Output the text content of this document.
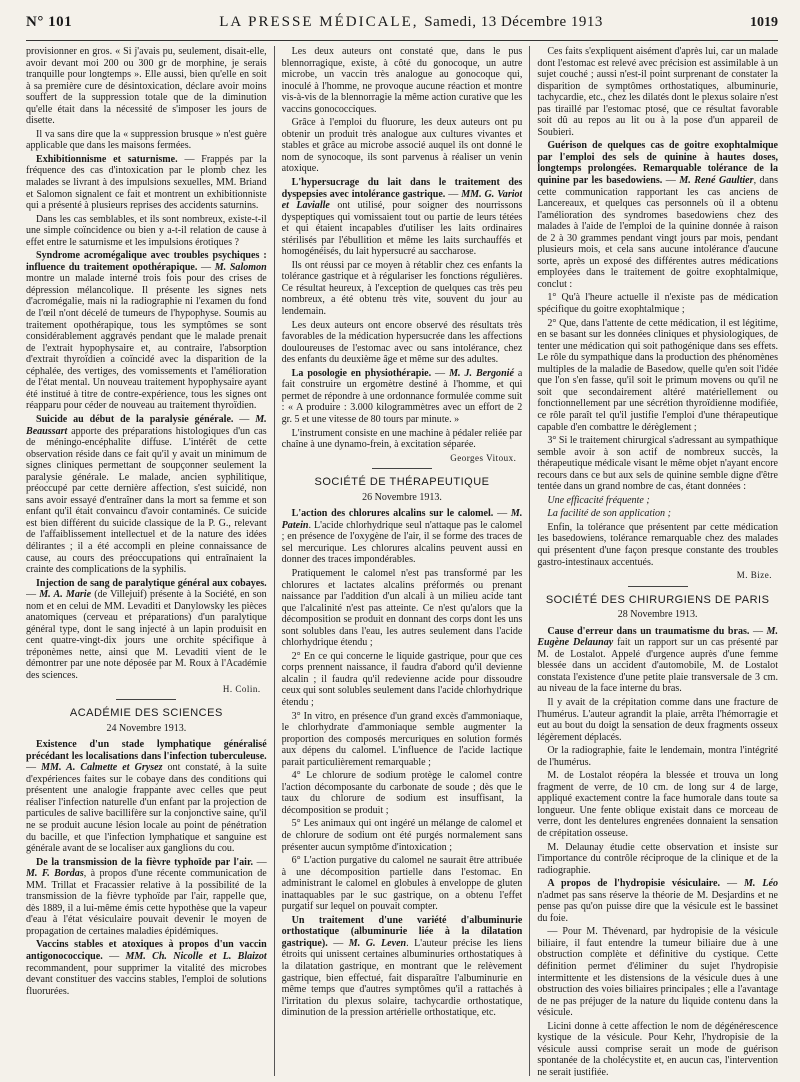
N° 101	LA PRESSE MÉDICALE, Samedi, 13 Décembre 1913	1019

provisionner en gros. « Si j'avais pu, seulement, disait-elle, avoir devant moi 200 ou 300 gr de morphine, je serais tranquille pour longtemps ». Elle aussi, bien qu'elle en soit à sa première cure de désintoxication, déclare avoir moins souffert de la suppression totale que de la diminution qu'elle était dans la nécessité de s'imposer les jours de disette.

Il va sans dire que la « suppression brusque » n'est guère applicable que dans les maisons fermées.

Exhibitionnisme et saturnisme. — Frappés par la fréquence des cas d'intoxication par le plomb chez les malades se livrant à des impulsions sexuelles, MM. Briand et Salomon signalent ce fait et montrent un exhibitionniste qui a présenté à plusieurs reprises des accidents saturnins.

Dans les cas semblables, et ils sont nombreux, existe-t-il une simple coïncidence ou bien y a-t-il relation de cause à effet entre le saturnisme et les impulsions érotiques ?

Syndrome acromégalique avec troubles psychiques : influence du traitement opothérapique. — M. Salomon montre un malade interné trois fois pour des crises de dépression mélancolique. Il présente les signes nets d'acromégalie, mais ni la radiographie ni l'examen du fond de l'œil n'ont décelé de tumeurs de l'hypophyse. Soumis au traitement opothérapique, tous les symptômes se sont considérablement aggravés pendant que le malade prenait de l'extrait hypophysaire et, au contraire, l'absorption d'extrait thyroïdien a coïncidé avec la disparition de la céphalée, des vertiges, des vomissements et l'amélioration de l'état mental. Un nouveau traitement hypophysaire ayant été institué à titre de contre-expérience, tous les signes ont réapparu pour céder de nouveau au traitement thyroïdien.

Suicide au début de la paralysie générale. — M. Beaussart apporte des préparations histologiques d'un cas de méningo-encéphalite diffuse. L'intérêt de cette observation réside dans ce fait qu'il y avait un minimum de signes cliniques permettant de soupçonner seulement la paralysie générale. Le malade, ancien syphilitique, préoccupé par cette dernière affection, s'est suicidé, non sans avoir essayé d'entraîner dans la mort sa femme et son enfant qu'il était convaincu d'avoir contaminés. Ce suicide est bien différent du suicide classique de la P. G., relevant de l'affaiblissement intellectuel et de la nature des idées délirantes ; il a été accompli en pleine connaissance de cause, au cours des préoccupations qui entraînaient la crainte des complications de la syphilis.

Injection de sang de paralytique général aux cobayes. — M. A. Marie (de Villejuif) présente à la Société, en son nom et en celui de MM. Levaditi et Danylowsky les pièces anatomiques (cerveau et préparations) d'un paralytique général type, dont le sang injecté à un lapin produisit en cent quatre-vingt-dix jours une orchite spécifique à tréponèmes nette, ainsi que M. Levaditi vient de le démontrer par une note déposée par M. Roux à l'Académie des sciences.

H. Colin.
ACADÉMIE DES SCIENCES
24 Novembre 1913.

Existence d'un stade lymphatique généralisé précédant les localisations dans l'infection tuberculeuse. — MM. A. Calmette et Grysez ont constaté, à la suite d'expériences faites sur le cobaye dans des conditions qui présentent une analogie frappante avec celles que peut réaliser l'infection naturelle d'un enfant par la projection de particules de salive bacillifère sur la conjonctive saine, qu'il ne se produit aucune lésion locale au point de pénétration du bacille, et que l'infection lymphatique et sanguine est générale avant de se localiser aux ganglions du cou.

De la transmission de la fièvre typhoïde par l'air. — M. F. Bordas, à propos d'une récente communication de MM. Trillat et Fracassier relative à la possibilité de la transmission de la fièvre typhoïde par l'air, rappelle que, dès 1889, il a lui-même émis cette hypothèse que la vapeur d'eau à l'état vésiculaire pouvait devenir le moyen de propagation de certaines maladies épidémiques.

Vaccins stables et atoxiques à propos d'un vaccin antigonococcique. — MM. Ch. Nicolle et L. Blaizot recommandent, pour supprimer la vitalité des microbes devant constituer des vaccins stables, l'emploi de solutions fluorurées.

Les deux auteurs ont constaté que, dans le pus blennorragique, existe, à côté du gonocoque, un autre microbe, un vaccin très analogue au gonocoque qui, inoculé à l'homme, ne provoque aucune réaction et montre vis-à-vis de la blennorragie la même action curative que les vaccins gonococciques.

Grâce à l'emploi du fluorure, les deux auteurs ont pu obtenir un produit très analogue aux cultures vivantes et stables et grâce au microbe associé auquel ils ont donné le nom de synocoque, ils sont parvenus à réaliser un venin atoxique.

L'hypersucrage du lait dans le traitement des dyspepsies avec intolérance gastrique. — MM. G. Variot et Lavialle ont utilisé, pour soigner des nourrissons dyspeptiques qui vomissaient tout ou partie de leurs tétées et qui étaient incapables d'utiliser les laits ordinaires stérilisés par l'ébullition et même les laits surchauffés et homogénéisés, du lait hypersucré au saccharose.

Ils ont réussi par ce moyen à rétablir chez ces enfants la tolérance gastrique et à régulariser les fonctions régulières. Ce résultat heureux, à l'exception de quelques cas très peu nombreux, a été obtenu très vite, souvent du jour au lendemain.

Les deux auteurs ont encore observé des résultats très favorables de la médication hypersucrée dans les affections douloureuses de l'estomac avec ou sans intolérance, chez des enfants du deuxième âge et même sur des adultes.

La posologie en physiothérapie. — M. J. Bergonié a fait construire un ergomètre destiné à l'homme, et qui permet de répondre à une ordonnance formulée comme suit : « A produire : 3.000 kilogrammètres avec un effort de 2 gr. 5 et une vitesse de 80 tours par minute. »

L'instrument consiste en une machine à pédaler reliée par chaîne à une dynamo-frein, à excitation séparée.

Georges Vitoux.
SOCIÉTÉ DE THÉRAPEUTIQUE
26 Novembre 1913.

L'action des chlorures alcalins sur le calomel. — M. Patein. L'acide chlorhydrique seul n'attaque pas le calomel ; en présence de l'oxygène de l'air, il se forme des traces de sel mercurique. Les chlorures alcalins peuvent aussi en donner des traces impondérables.

Pratiquement le calomel n'est pas transformé par les chlorures et lactates alcalins préformés ou prenant naissance par l'addition d'un alcali à un milieu acide tant que l'alcalinité n'est pas atteinte. Ce n'est qu'alors que la décomposition se produit en donnant des corps dont les uns sont solubles dans l'eau, les autres seulement dans l'acide chlorhydrique étendu ;

2° En ce qui concerne le liquide gastrique, pour que ces corps prennent naissance, il faudra d'abord qu'il devienne alcalin ; il faudra qu'il redevienne acide pour dissoudre ceux qui sont solubles seulement dans l'acide chlorhydrique étendu ;

3° In vitro, en présence d'un grand excès d'ammoniaque, le chlorhydrate d'ammoniaque semble augmenter la proportion des composés mercuriques en solution formés aux dépens du calomel. L'influence de l'acide lactique parait particulièrement remarquable ;

4° Le chlorure de sodium protège le calomel contre l'action décomposante du carbonate de soude ; dès que le taux du chlorure de sodium est insuffisant, la décomposition se produit ;

5° Les animaux qui ont ingéré un mélange de calomel et de chlorure de sodium ont été purgés normalement sans présenter aucun symptôme d'intoxication ;

6° L'action purgative du calomel ne saurait être attribuée à une décomposition partielle dans l'estomac. En administrant le calomel en globules à enveloppe de gluten inattaquables par le suc gastrique, on a obtenu l'effet purgatif sur lequel on pouvait compter.

Un traitement d'une variété d'albuminurie orthostatique (albuminurie liée à la dilatation gastrique). — M. G. Leven. L'auteur précise les liens étroits qui unissent certaines albuminuries orthostatiques à la dilatation gastrique, en montrant que le relèvement gastrique, bien effectué, fait disparaître l'albuminurie en même temps que d'autres symptômes qu'il a rattachés à l'irritation du plexus solaire, tachycardie orthostatique, diminution de la pression artérielle orthostatique, etc.

Ces faits s'expliquent aisément d'après lui, car un malade dont l'estomac est relevé avec précision est assimilable à un sujet couché ; aussi n'est-il point surprenant de constater la disparition de symptômes orthostatiques, albuminurie, tachycardie, etc., chez les dilatés dont le plexus solaire n'est pas tiraillé par l'estomac ptosé, que ce résultat favorable soit dû au repos au lit ou à la pose d'un appareil de Soubieri.

Guérison de quelques cas de goitre exophtalmique par l'emploi des sels de quinine à hautes doses, longtemps prolongées. Remarquable tolérance de la quinine par les basedowiens. — M. René Gaultier, dans cette communication rapportant les cas anciens de Lancereaux, et quelques cas personnels où il a obtenu l'amélioration des syndromes basedowiens chez des malades à l'aide de l'emploi de la quinine donnée à raison de 2 à 30 grammes pendant vingt jours par mois, pendant plusieurs mois, et cela sans aucune intolérance d'aucune sorte, après un exposé des différentes autres médications employées dans le traitement de goitre exophtalmique, conclut :

1° Qu'à l'heure actuelle il n'existe pas de médication spécifique du goitre exophtalmique ;

2° Que, dans l'attente de cette médication, il est légitime, en se basant sur les données cliniques et physiologiques, de tenter une médication qui soit pathogénique dans ses effets. Le rôle du sympathique dans la production des phénomènes multiples de la maladie de Basedow, quelle qu'en soit l'idée que l'on s'en fasse, qu'il soit le primum movens ou qu'il ne soit que secondairement altéré matériellement ou fonctionnellement par une sécrétion thyroïdienne modifiée, ce rôle paraît tel qu'il justifie l'emploi d'une thérapeutique capable d'en combattre le dérèglement ;

3° Si le traitement chirurgical s'adressant au sympathique semble avoir à son actif de nombreux succès, la thérapeutique médicale visant le même objet n'ayant encore recours dans ce but aux sels de quinine semble digne d'être tentée dans un grand nombre de cas, étant données :

Une efficacité fréquente ;

La facilité de son application ;

Enfin, la tolérance que présentent par cette médication les basedowiens, tolérance remarquable chez des malades qui présentent d'une façon presque constante des troubles gastro-intestinaux accentués.

M. Bize.
SOCIÉTÉ DES CHIRURGIENS DE PARIS
28 Novembre 1913.

Cause d'erreur dans un traumatisme du bras. — M. Eugène Delaunay fait un rapport sur un cas présenté par M. de Lostalot. Appelé d'urgence auprès d'une femme blessée dans un accident d'automobile, M. de Lostalot constata l'existence d'une petite plaie transversale de 3 cm. au niveau de la face interne du bras.

Il y avait de la crépitation comme dans une fracture de l'humérus. L'auteur agrandit la plaie, arrêta l'hémorragie et eut au bout du doigt la sensation de deux fragments osseux légèrement déplacés.

Or la radiographie, faite le lendemain, montra l'intégrité de l'humérus.

M. de Lostalot réopéra la blessée et trouva un long fragment de verre, de 10 cm. de long sur 4 de large, appliqué exactement contre la face humorale dans toute sa longueur. Une fente oblique existait dans ce morceau de verre, dont les dentelures engrenées donnaient la sensation de crépitation osseuse.

M. Delaunay étudie cette observation et insiste sur l'importance du contrôle réciproque de la clinique et de la radiographie.

A propos de l'hydropisie vésiculaire. — M. Léo n'admet pas sans réserve la théorie de M. Desjardins et ne pense pas qu'on puisse dire que la vésicule est le bassinet du foie.

— Pour M. Thévenard, par hydropisie de la vésicule biliaire, il faut entendre la tumeur biliaire due à une obstruction complète et définitive du cystique. Cette définition permet d'éliminer du sujet l'hydropisie intermittente et les distensions de la vésicule dues à une obstruction des voies biliaires principales ; elle a l'avantage de ne pas préjuger de la nature du liquide contenu dans la vésicule.

Licini donne à cette affection le nom de dégénérescence kystique de la vésicule. Pour Kehr, l'hydropisie de la vésicule aussi comprise serait un mode de guérison spontanée de la cholécystite et, en aucun cas, l'intervention ne serait justifiée.
